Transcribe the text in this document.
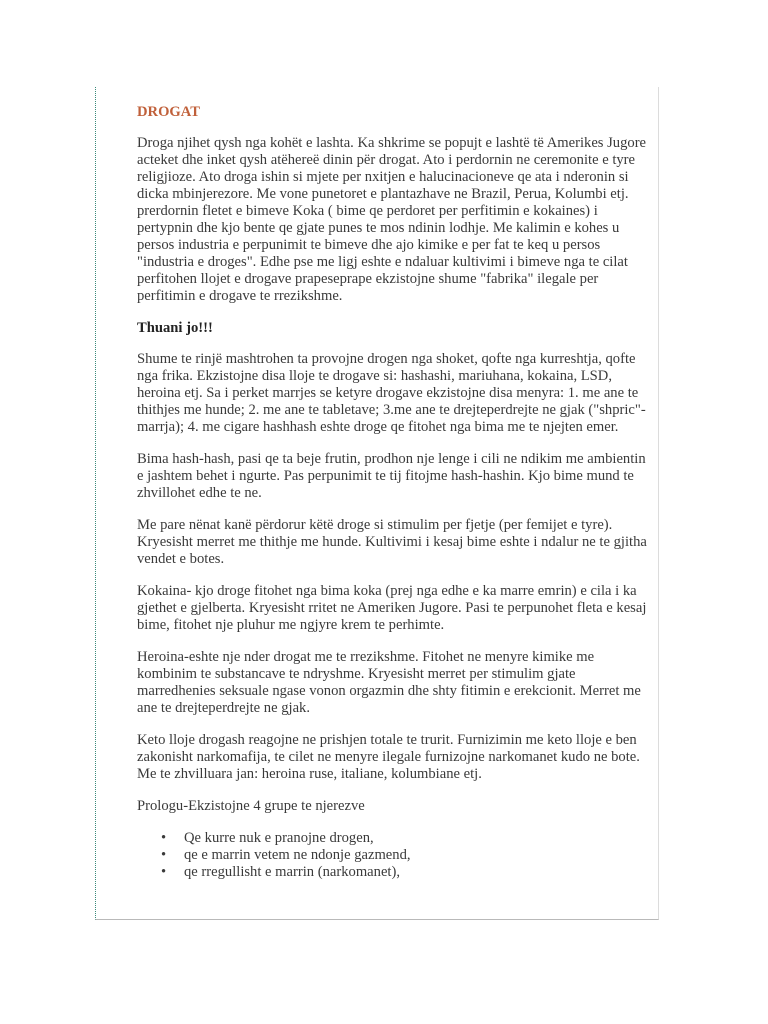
DROGAT

Droga njihet qysh nga kohët e lashta. Ka shkrime se popujt e lashtë të Amerikes Jugore acteket dhe inket qysh atëhereë dinin për drogat. Ato i perdornin ne ceremonite e tyre religjioze. Ato droga ishin si mjete per nxitjen e halucinacioneve qe ata i nderonin si dicka mbinjerezore. Me vone punetoret e plantazhave ne Brazil, Perua, Kolumbi etj. prerdornin fletet e bimeve Koka ( bime qe perdoret per perfitimin e kokaines) i pertypnin dhe kjo bente qe gjate punes te mos ndinin lodhje. Me kalimin e kohes u persos industria e perpunimit te bimeve dhe ajo kimike e per fat te keq u persos "industria e droges". Edhe pse me ligj eshte e ndaluar kultivimi i bimeve nga te cilat perfitohen llojet e drogave prapeseprape ekzistojne shume "fabrika" ilegale per perfitimin e drogave te rrezikshme.

Thuani jo!!!

Shume te rinjë mashtrohen ta provojne drogen nga shoket, qofte nga kurreshtja, qofte nga frika. Ekzistojne disa lloje te drogave si: hashashi, mariuhana, kokaina, LSD, heroina etj. Sa i perket marrjes se ketyre drogave ekzistojne disa menyra: 1. me ane te thithjes me hunde; 2. me ane te tabletave; 3.me ane te drejteperdrejte ne gjak ("shpric"-marrja); 4. me cigare hashhash eshte droge qe fitohet nga bima me te njejten emer.

Bima hash-hash, pasi qe ta beje frutin, prodhon nje lenge i cili ne ndikim me ambientin e jashtem behet i ngurte. Pas perpunimit te tij fitojme hash-hashin. Kjo bime mund te zhvillohet edhe te ne.

Me pare nënat kanë përdorur këtë droge si stimulim per fjetje (per femijet e tyre). Kryesisht merret me thithje me hunde. Kultivimi i kesaj bime eshte i ndalur ne te gjitha vendet e botes.

Kokaina- kjo droge fitohet nga bima koka (prej nga edhe e ka marre emrin) e cila i ka gjethet e gjelberta. Kryesisht rritet ne Ameriken Jugore. Pasi te perpunohet fleta e kesaj bime, fitohet nje pluhur me ngjyre krem te perhimte.

Heroina-eshte nje nder drogat me te rrezikshme. Fitohet ne menyre kimike me kombinim te substancave te ndryshme. Kryesisht merret per stimulim gjate marredhenies seksuale ngase vonon orgazmin dhe shty fitimin e erekcionit. Merret me ane te drejteperdrejte ne gjak.

Keto lloje drogash reagojne ne prishjen totale te trurit. Furnizimin me keto lloje e ben zakonisht narkomafija, te cilet ne menyre ilegale furnizojne narkomanet kudo ne bote. Me te zhvilluara jan: heroina ruse, italiane, kolumbiane etj.

Prologu-Ekzistojne 4 grupe te njerezve

• Qe kurre nuk e pranojne drogen,
• qe e marrin vetem ne ndonje gazmend,
• qe rregullisht e marrin (narkomanet),
